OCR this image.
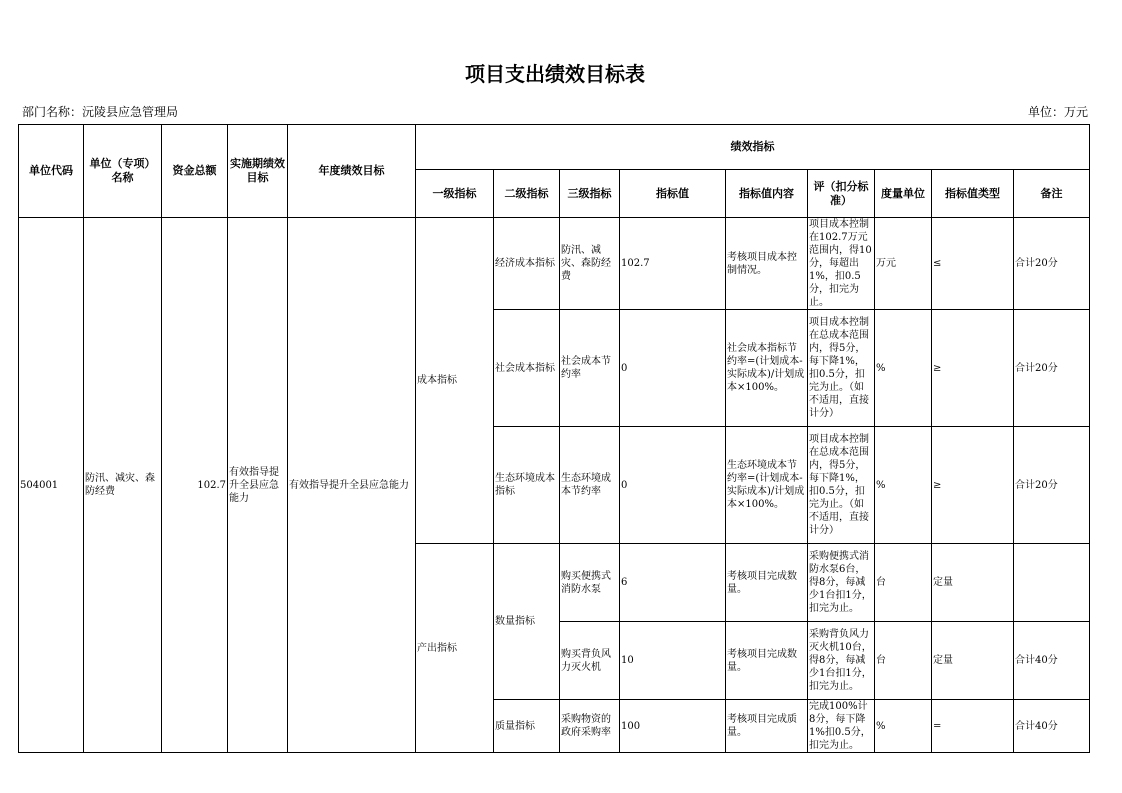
项目支出绩效目标表
部门名称：沅陵县应急管理局	单位：万元
单位代码	单位（专项）名称	资金总额	实施期绩效目标	年度绩效目标	绩效指标								
					一级指标	二级指标	三级指标	指标值	指标值内容	评（扣分标准）	度量单位	指标值类型	备注
504001	防汛、减灾、森防经费	102.7	有效指导提升全县应急能力	有效指导提升全县应急能力	成本指标	经济成本指标	防汛、减灾、森防经费	102.7	考核项目成本控制情况。	项目成本控制在102.7万元范围内，得10分，每超出1%，扣0.5分，扣完为止。	万元	≤	合计20分
						社会成本指标	社会成本节约率	0	社会成本指标节约率=(计划成本-实际成本)/计划成本×100%。	项目成本控制在总成本范围内，得5分，每下降1%，扣0.5分，扣完为止。（如不适用，直接计分）	%	≥	合计20分
						生态环境成本指标	生态环境成本节约率	0	生态环境成本节约率=(计划成本-实际成本)/计划成本×100%。	项目成本控制在总成本范围内，得5分，每下降1%，扣0.5分，扣完为止。（如不适用，直接计分）	%	≥	合计20分
					产出指标	数量指标	购买便携式消防水泵	6	考核项目完成数量。	采购便携式消防水泵6台，得8分，每减少1台扣1分，扣完为止。	台	定量	
							购买背负风力灭火机	10	考核项目完成数量。	采购背负风力灭火机10台，得8分，每减少1台扣1分，扣完为止。	台	定量	合计40分
						质量指标	采购物资的政府采购率	100	考核项目完成质量。	完成100%计8分，每下降1%扣0.5分，扣完为止。	%	=	合计40分
